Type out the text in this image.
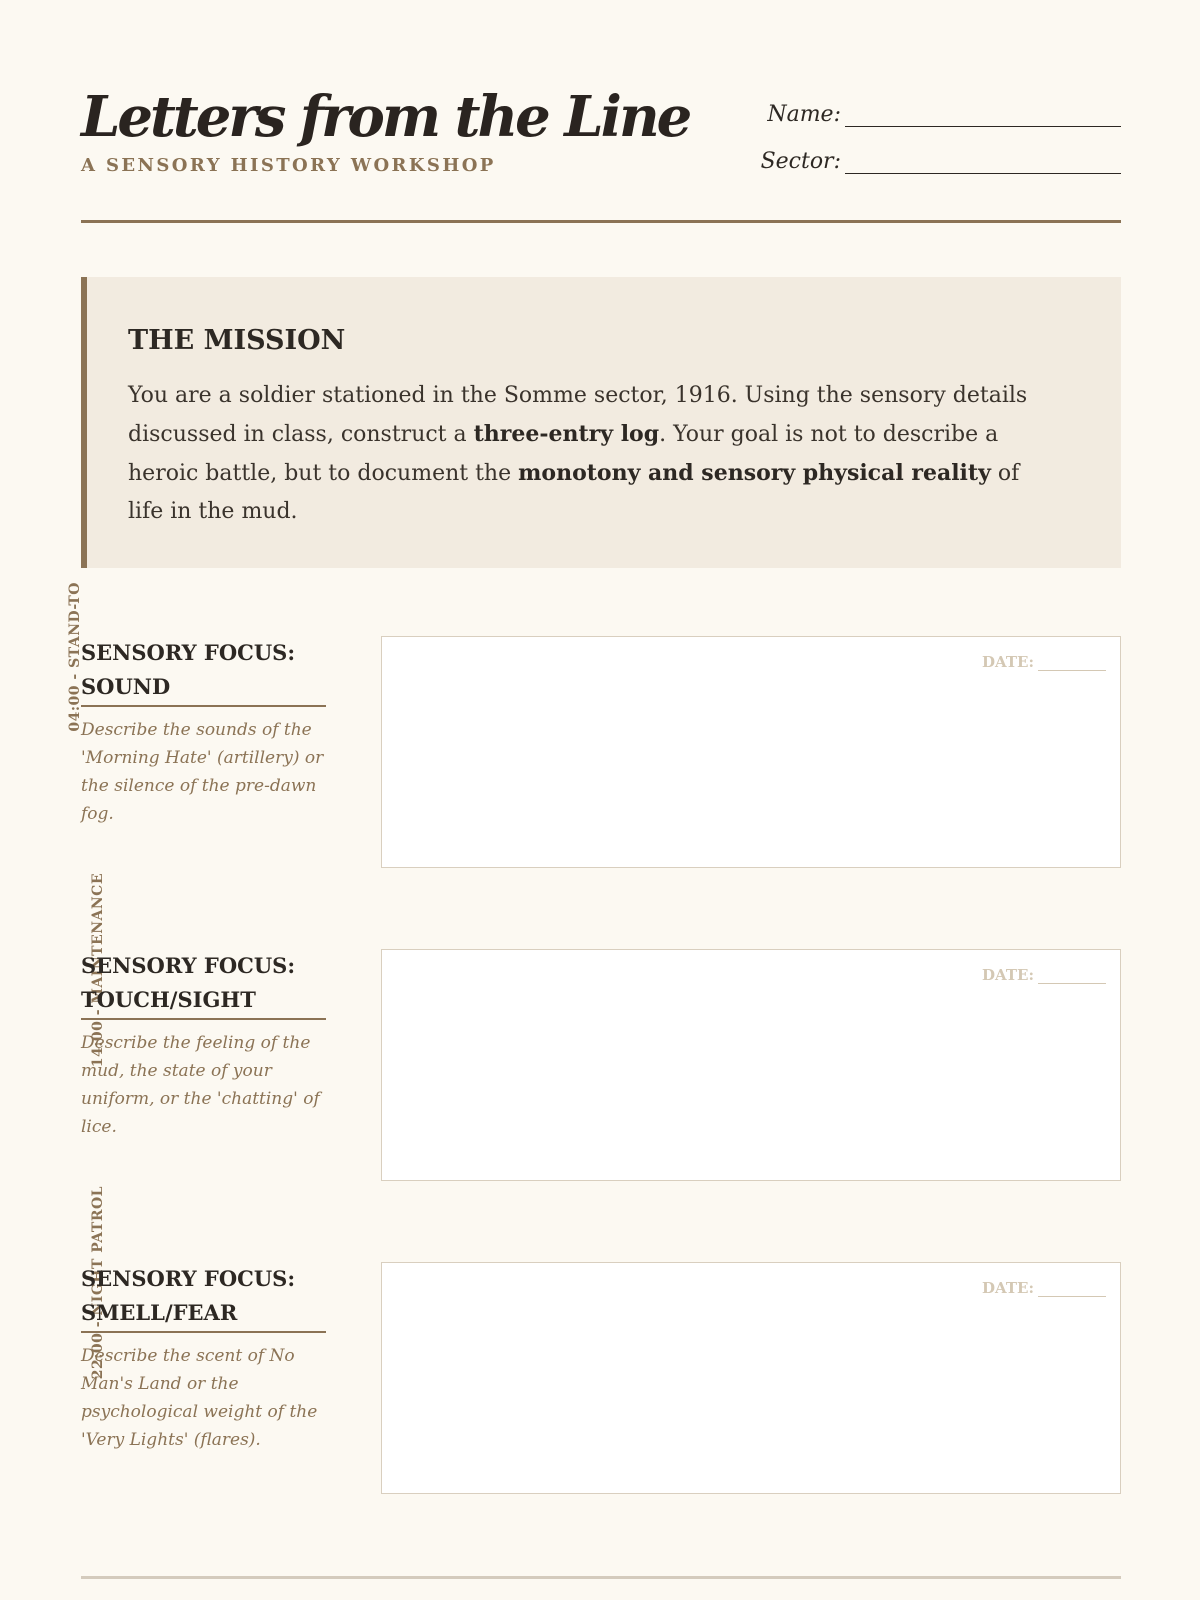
Letters from the Line
A SENSORY HISTORY WORKSHOP
Name:
Sector:
THE MISSION

You are a soldier stationed in the Somme sector, 1916. Using the sensory details discussed in class, construct a three-entry log. Your goal is not to describe a heroic battle, but to document the monotony and sensory physical reality of life in the mud.

04:00 - STAND-TO
SENSORY FOCUS: SOUND
Describe the sounds of the 'Morning Hate' (artillery) or the silence of the pre-dawn fog.
DATE:
14:00 - MAINTENANCE
SENSORY FOCUS: TOUCH/SIGHT
Describe the feeling of the mud, the state of your uniform, or the 'chatting' of lice.
DATE:
22:00 - NIGHT PATROL
SENSORY FOCUS: SMELL/FEAR
Describe the scent of No Man's Land or the psychological weight of the 'Very Lights' (flares).
DATE:
